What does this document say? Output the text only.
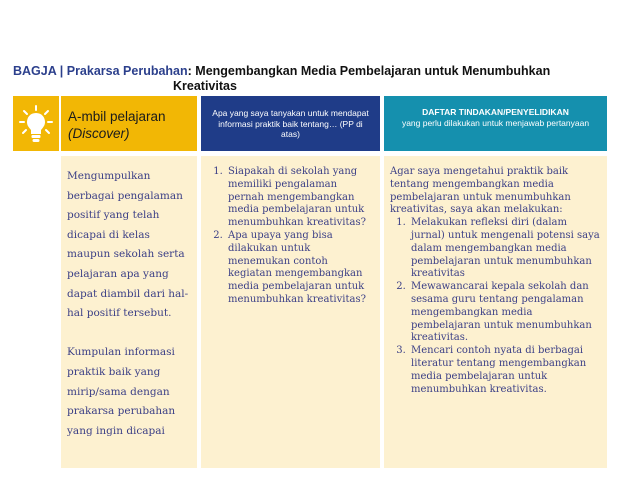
BAGJA | Prakarsa Perubahan: Mengembangkan Media Pembelajaran untuk Menumbuhkan
Kreativitas
A-mbil pelajaran
(Discover)
Apa yang saya tanyakan untuk mendapat informasi praktik baik tentang… (PP di atas)
DAFTAR TINDAKAN/PENYELIDIKAN
yang perlu dilakukan untuk menjawab pertanyaan

Mengumpulkan berbagai pengalaman positif yang telah dicapai di kelas maupun sekolah serta pelajaran apa yang dapat diambil dari hal-hal positif tersebut.

Kumpulan informasi praktik baik yang mirip/sama dengan prakarsa perubahan yang ingin dicapai

1. Siapakah di sekolah yang memiliki pengalaman pernah mengembangkan media pembelajaran untuk menumbuhkan kreativitas?
2. Apa upaya yang bisa dilakukan untuk menemukan contoh kegiatan mengembangkan media pembelajaran untuk menumbuhkan kreativitas?

Agar saya mengetahui praktik baik tentang mengembangkan media pembelajaran untuk menumbuhkan kreativitas, saya akan melakukan:

1. Melakukan refleksi diri (dalam jurnal) untuk mengenali potensi saya dalam mengembangkan media pembelajaran untuk menumbuhkan kreativitas
2. Mewawancarai kepala sekolah dan sesama guru tentang pengalaman mengembangkan media pembelajaran untuk menumbuhkan kreativitas.
3. Mencari contoh nyata di berbagai literatur tentang mengembangkan media pembelajaran untuk menumbuhkan kreativitas.
